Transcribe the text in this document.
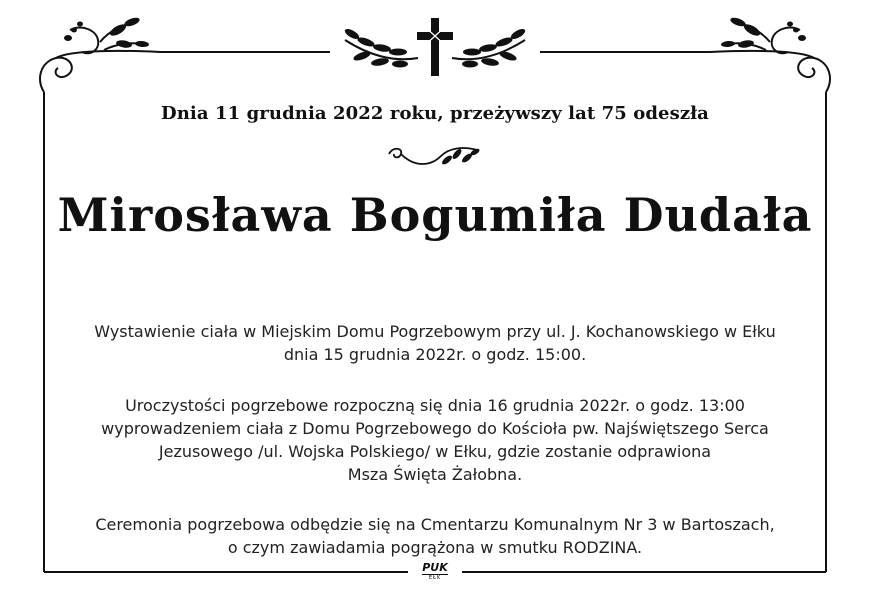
Dnia 11 grudnia 2022 roku, przeżywszy lat 75 odeszła
Mirosława Bogumiła Dudała
Wystawienie ciała w Miejskim Domu Pogrzebowym przy ul. J. Kochanowskiego w Ełku
dnia 15 grudnia 2022r. o godz. 15:00.
Uroczystości pogrzebowe rozpoczną się dnia 16 grudnia 2022r. o godz. 13:00
wyprowadzeniem ciała z Domu Pogrzebowego do Kościoła pw. Najświętszego Serca
Jezusowego /ul. Wojska Polskiego/ w Ełku, gdzie zostanie odprawiona
Msza Święta Żałobna.
Ceremonia pogrzebowa odbędzie się na Cmentarzu Komunalnym Nr 3 w Bartoszach,
o czym zawiadamia pogrążona w smutku RODZINA.
PUK
EŁK
